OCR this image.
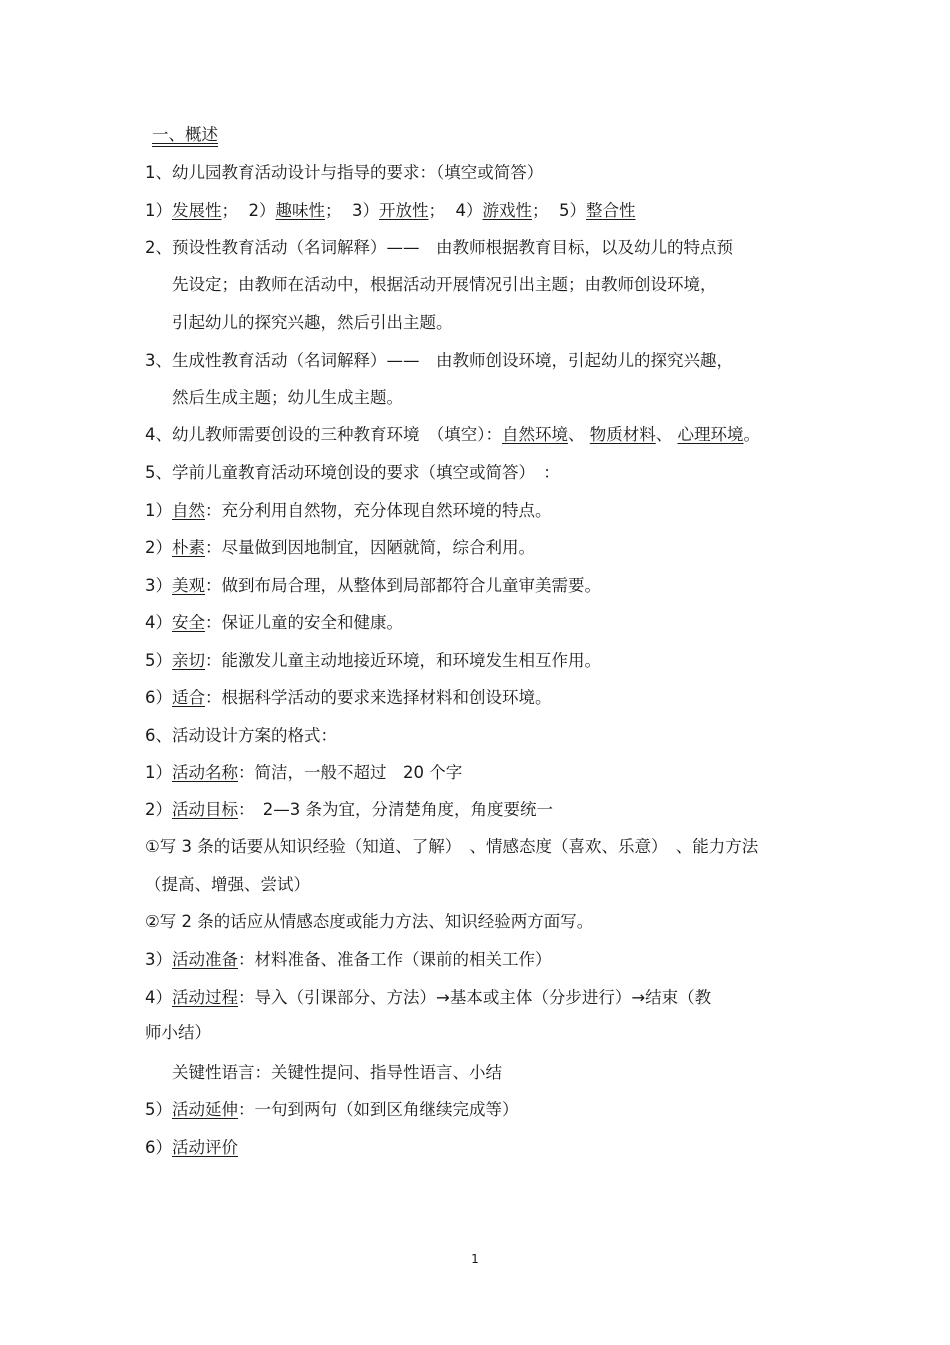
一、概述
1、幼儿园教育活动设计与指导的要求：（填空或简答）
1）发展性； 2）趣味性； 3）开放性； 4）游戏性； 5）整合性
2、预设性教育活动（名词解释）——　由教师根据教育目标，以及幼儿的特点预
先设定；由教师在活动中，根据活动开展情况引出主题；由教师创设环境，
引起幼儿的探究兴趣，然后引出主题。
3、生成性教育活动（名词解释）——　由教师创设环境，引起幼儿的探究兴趣，
然后生成主题；幼儿生成主题。
4、幼儿教师需要创设的三种教育环境　（填空）：自然环境、 物质材料、 心理环境。
5、学前儿童教育活动环境创设的要求（填空或简答）　：
1）自然：充分利用自然物，充分体现自然环境的特点。
2）朴素：尽量做到因地制宜，因陋就简，综合利用。
3）美观：做到布局合理，从整体到局部都符合儿童审美需要。
4）安全：保证儿童的安全和健康。
5）亲切：能激发儿童主动地接近环境，和环境发生相互作用。
6）适合：根据科学活动的要求来选择材料和创设环境。
6、活动设计方案的格式：
1）活动名称：简洁，一般不超过　20 个字
2）活动目标：　2—3 条为宜，分清楚角度，角度要统一
①写 3 条的话要从知识经验（知道、了解）　、情感态度（喜欢、乐意）　、能力方法
（提高、增强、尝试）
②写 2 条的话应从情感态度或能力方法、知识经验两方面写。
3）活动准备：材料准备、准备工作（课前的相关工作）
4）活动过程：导入（引课部分、方法）→基本或主体（分步进行）→结束（教
师小结）
关键性语言：关键性提问、指导性语言、小结
5）活动延伸：一句到两句（如到区角继续完成等）
6）活动评价
1
